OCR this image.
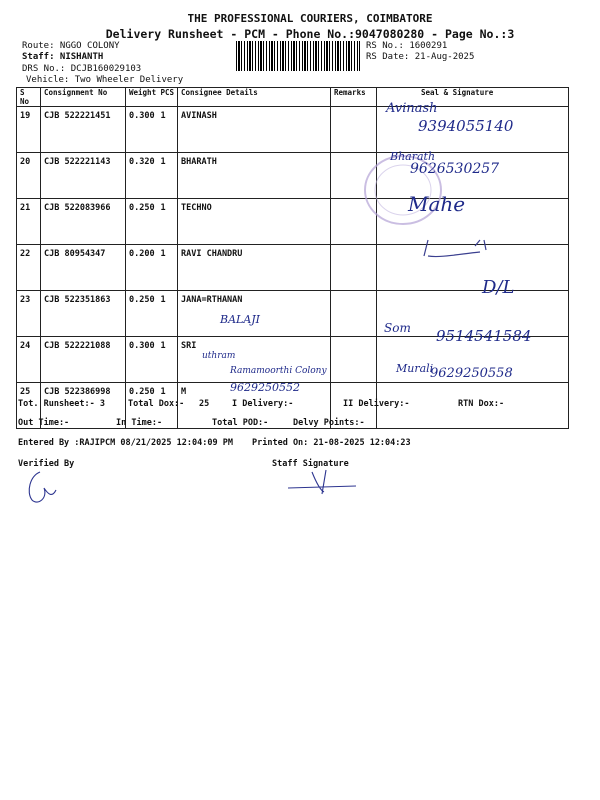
THE PROFESSIONAL COURIERS, COIMBATORE
Delivery Runsheet - PCM - Phone No.:9047080280 - Page No.:3
Route: NGGO COLONY
Staff: NISHANTH
DRS No.: DCJB160029103
Vehicle: Two Wheeler Delivery
RS No.: 1600291
RS Date: 21-Aug-2025
S No	Consignment No	Weight	PCS	Consignee Details	Remarks	Seal & Signature
19	CJB 522221451	0.300	1	AVINASH		
20	CJB 522221143	0.320	1	BHARATH		
21	CJB 522083966	0.250	1	TECHNO		
22	CJB 80954347	0.200	1	RAVI CHANDRU		
23	CJB 522351863	0.250	1	JANA=RTHANAN		
24	CJB 522221088	0.300	1	SRI		
25	CJB 522386998	0.250	1	M		
Avinash
9394055140
Bharath
9626530257
Mahe
D/L
BALAJI
Som 9514541584
uthram
Ramamoorthi Colony
9629250552
Murali
9629250558
Tot. Runsheet:- 3	Total Dox:- 25	I Delivery:-	II Delivery:-	RTN Dox:-
Out Time:-	In Time:-	Total POD:-	Delvy Points:-
Entered By :RAJIPCM 08/21/2025 12:04:09 PM Printed On: 21-08-2025 12:04:23
Verified By	Staff Signature
